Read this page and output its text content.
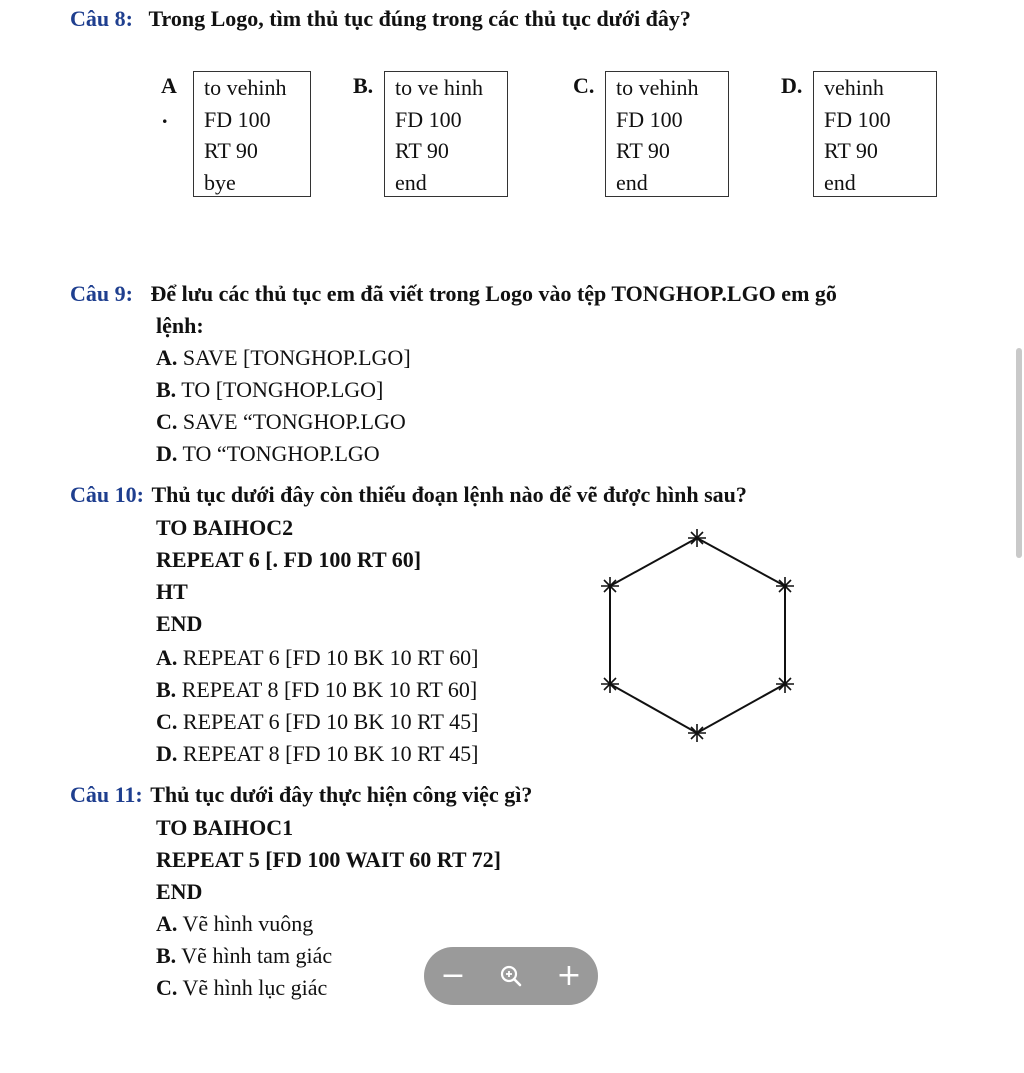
Câu 8: Trong Logo, tìm thủ tục đúng trong các thủ tục dưới đây?
A
.
to vehinh
FD 100
RT 90
bye
B. to ve hinh
FD 100
RT 90
end
C. to vehinh
FD 100
RT 90
end
D. vehinh
FD 100
RT 90
end
Câu 9: Để lưu các thủ tục em đã viết trong Logo vào tệp TONGHOP.LGO em gõ
lệnh:
A. SAVE [TONGHOP.LGO]
B. TO [TONGHOP.LGO]
C. SAVE “TONGHOP.LGO
D. TO “TONGHOP.LGO
Câu 10: Thủ tục dưới đây còn thiếu đoạn lệnh nào để vẽ được hình sau?
TO BAIHOC2
REPEAT 6 [. FD 100 RT 60]
HT
END
A. REPEAT 6 [FD 10 BK 10 RT 60]
B. REPEAT 8 [FD 10 BK 10 RT 60]
C. REPEAT 6 [FD 10 BK 10 RT 45]
D. REPEAT 8 [FD 10 BK 10 RT 45]
Câu 11: Thủ tục dưới đây thực hiện công việc gì?
TO BAIHOC1
REPEAT 5 [FD 100 WAIT 60 RT 72]
END
A. Vẽ hình vuông
B. Vẽ hình tam giác
C. Vẽ hình lục giác	−	+
